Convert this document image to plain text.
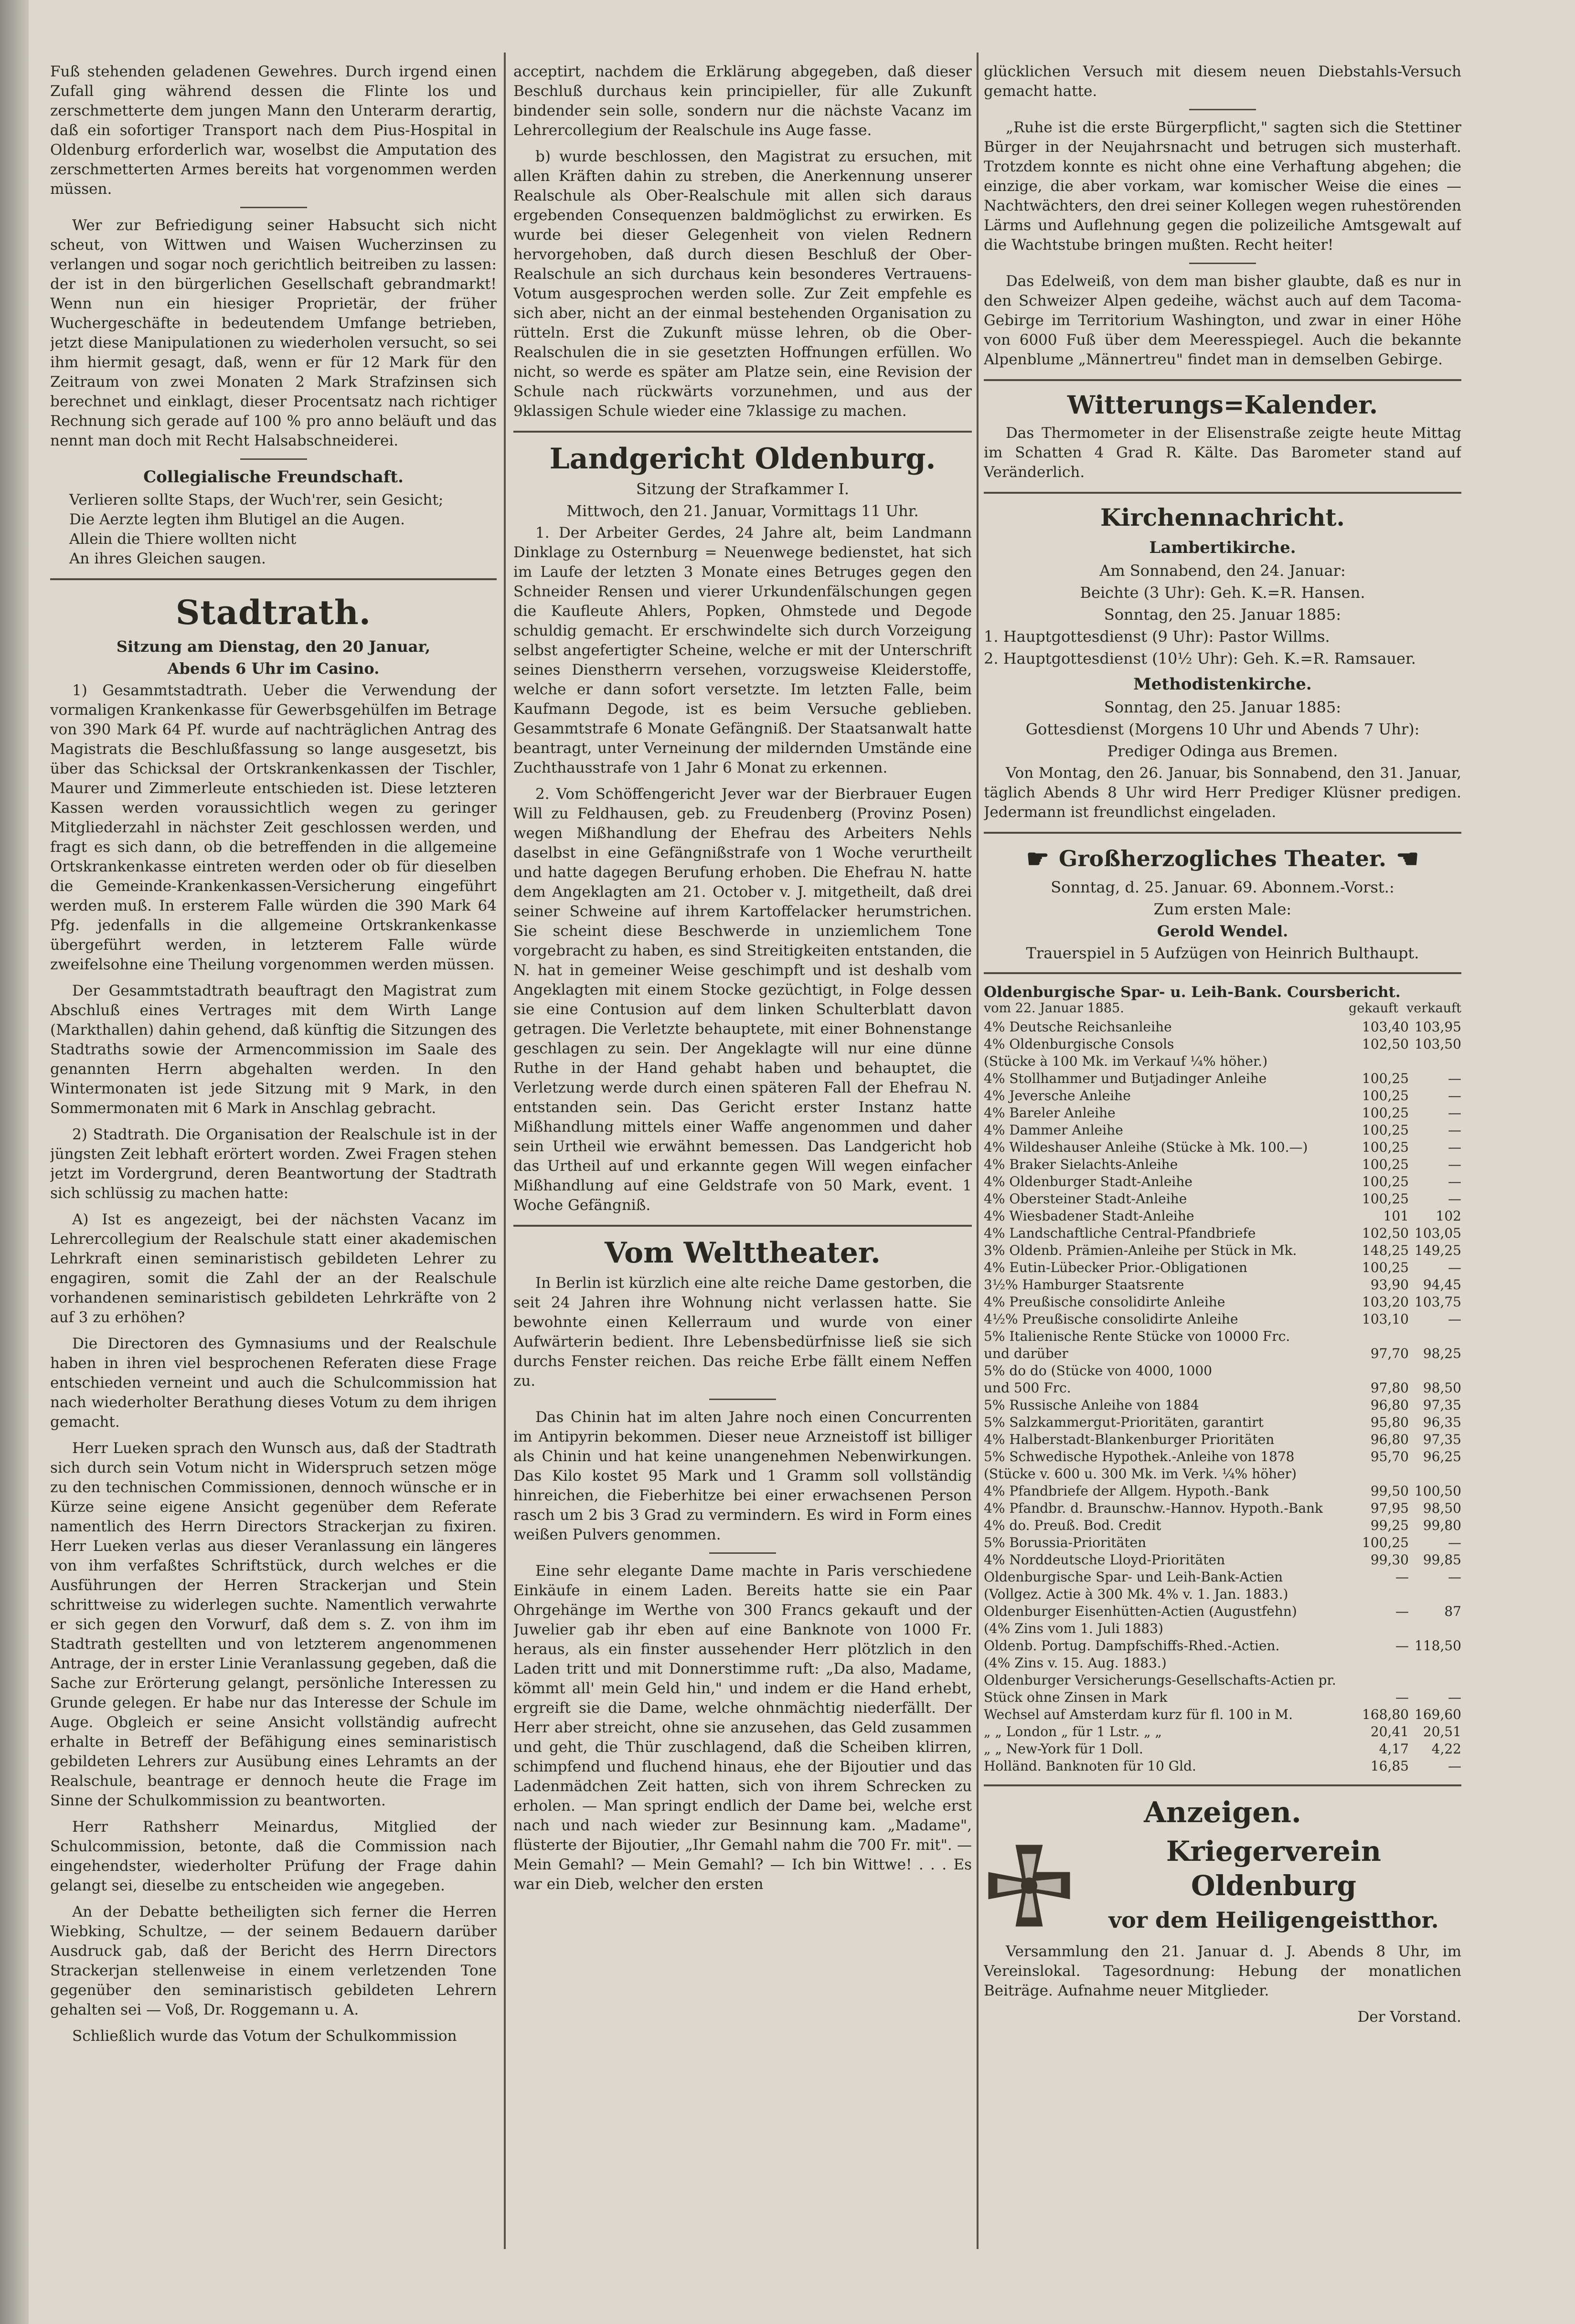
Fuß stehenden geladenen Gewehres. Durch irgend einen Zufall ging während dessen die Flinte los und zerschmetterte dem jungen Mann den Unterarm derartig, daß ein sofortiger Transport nach dem Pius-Hospital in Oldenburg erforderlich war, woselbst die Amputation des zerschmetterten Armes bereits hat vorgenommen werden müssen.

Wer zur Befriedigung seiner Habsucht sich nicht scheut, von Wittwen und Waisen Wucherzinsen zu verlangen und sogar noch gerichtlich beitreiben zu lassen: der ist in den bürgerlichen Gesellschaft gebrandmarkt! Wenn nun ein hiesiger Proprietär, der früher Wuchergeschäfte in bedeutendem Umfange betrieben, jetzt diese Manipulationen zu wiederholen versucht, so sei ihm hiermit gesagt, daß, wenn er für 12 Mark für den Zeitraum von zwei Monaten 2 Mark Strafzinsen sich berechnet und einklagt, dieser Procentsatz nach richtiger Rechnung sich gerade auf 100 % pro anno beläuft und das nennt man doch mit Recht Halsabschneiderei.

Collegialische Freundschaft.
Verlieren sollte Staps, der Wuch'rer, sein Gesicht;
Die Aerzte legten ihm Blutigel an die Augen.
Allein die Thiere wollten nicht
An ihres Gleichen saugen.
Stadtrath.
Sitzung am Dienstag, den 20 Januar,
Abends 6 Uhr im Casino.

1) Gesammtstadtrath. Ueber die Verwendung der vormaligen Krankenkasse für Gewerbsgehülfen im Betrage von 390 Mark 64 Pf. wurde auf nachträglichen Antrag des Magistrats die Beschlußfassung so lange ausgesetzt, bis über das Schicksal der Ortskrankenkassen der Tischler, Maurer und Zimmerleute entschieden ist. Diese letzteren Kassen werden voraussichtlich wegen zu geringer Mitgliederzahl in nächster Zeit geschlossen werden, und fragt es sich dann, ob die betreffenden in die allgemeine Ortskrankenkasse eintreten werden oder ob für dieselben die Gemeinde-Krankenkassen-Versicherung eingeführt werden muß. In ersterem Falle würden die 390 Mark 64 Pfg. jedenfalls in die allgemeine Ortskrankenkasse übergeführt werden, in letzterem Falle würde zweifelsohne eine Theilung vorgenommen werden müssen.

Der Gesammtstadtrath beauftragt den Magistrat zum Abschluß eines Vertrages mit dem Wirth Lange (Markthallen) dahin gehend, daß künftig die Sitzungen des Stadtraths sowie der Armencommission im Saale des genannten Herrn abgehalten werden. In den Wintermonaten ist jede Sitzung mit 9 Mark, in den Sommermonaten mit 6 Mark in Anschlag gebracht.

2) Stadtrath. Die Organisation der Realschule ist in der jüngsten Zeit lebhaft erörtert worden. Zwei Fragen stehen jetzt im Vordergrund, deren Beantwortung der Stadtrath sich schlüssig zu machen hatte:

A) Ist es angezeigt, bei der nächsten Vacanz im Lehrercollegium der Realschule statt einer akademischen Lehrkraft einen seminaristisch gebildeten Lehrer zu engagiren, somit die Zahl der an der Realschule vorhandenen seminaristisch gebildeten Lehrkräfte von 2 auf 3 zu erhöhen?

Die Directoren des Gymnasiums und der Realschule haben in ihren viel besprochenen Referaten diese Frage entschieden verneint und auch die Schulcommission hat nach wiederholter Berathung dieses Votum zu dem ihrigen gemacht.

Herr Lueken sprach den Wunsch aus, daß der Stadtrath sich durch sein Votum nicht in Widerspruch setzen möge zu den technischen Commissionen, dennoch wünsche er in Kürze seine eigene Ansicht gegenüber dem Referate namentlich des Herrn Directors Strackerjan zu fixiren. Herr Lueken verlas aus dieser Veranlassung ein längeres von ihm verfaßtes Schriftstück, durch welches er die Ausführungen der Herren Strackerjan und Stein schrittweise zu widerlegen suchte. Namentlich verwahrte er sich gegen den Vorwurf, daß dem s. Z. von ihm im Stadtrath gestellten und von letzterem angenommenen Antrage, der in erster Linie Veranlassung gegeben, daß die Sache zur Erörterung gelangt, persönliche Interessen zu Grunde gelegen. Er habe nur das Interesse der Schule im Auge. Obgleich er seine Ansicht vollständig aufrecht erhalte in Betreff der Befähigung eines seminaristisch gebildeten Lehrers zur Ausübung eines Lehramts an der Realschule, beantrage er dennoch heute die Frage im Sinne der Schulkommission zu beantworten.

Herr Rathsherr Meinardus, Mitglied der Schulcommission, betonte, daß die Commission nach eingehendster, wiederholter Prüfung der Frage dahin gelangt sei, dieselbe zu entscheiden wie angegeben.

An der Debatte betheiligten sich ferner die Herren Wiebking, Schultze, — der seinem Bedauern darüber Ausdruck gab, daß der Bericht des Herrn Directors Strackerjan stellenweise in einem verletzenden Tone gegenüber den seminaristisch gebildeten Lehrern gehalten sei — Voß, Dr. Roggemann u. A.

Schließlich wurde das Votum der Schulkommission

acceptirt, nachdem die Erklärung abgegeben, daß dieser Beschluß durchaus kein principieller, für alle Zukunft bindender sein solle, sondern nur die nächste Vacanz im Lehrercollegium der Realschule ins Auge fasse.

b) wurde beschlossen, den Magistrat zu ersuchen, mit allen Kräften dahin zu streben, die Anerkennung unserer Realschule als Ober-Realschule mit allen sich daraus ergebenden Consequenzen baldmöglichst zu erwirken. Es wurde bei dieser Gelegenheit von vielen Rednern hervorgehoben, daß durch diesen Beschluß der Ober-Realschule an sich durchaus kein besonderes Vertrauens-Votum ausgesprochen werden solle. Zur Zeit empfehle es sich aber, nicht an der einmal bestehenden Organisation zu rütteln. Erst die Zukunft müsse lehren, ob die Ober-Realschulen die in sie gesetzten Hoffnungen erfüllen. Wo nicht, so werde es später am Platze sein, eine Revision der Schule nach rückwärts vorzunehmen, und aus der 9klassigen Schule wieder eine 7klassige zu machen.

Landgericht Oldenburg.
Sitzung der Strafkammer I.
Mittwoch, den 21. Januar, Vormittags 11 Uhr.

1. Der Arbeiter Gerdes, 24 Jahre alt, beim Landmann Dinklage zu Osternburg = Neuenwege bedienstet, hat sich im Laufe der letzten 3 Monate eines Betruges gegen den Schneider Rensen und vierer Urkundenfälschungen gegen die Kaufleute Ahlers, Popken, Ohmstede und Degode schuldig gemacht. Er erschwindelte sich durch Vorzeigung selbst angefertigter Scheine, welche er mit der Unterschrift seines Dienstherrn versehen, vorzugsweise Kleiderstoffe, welche er dann sofort versetzte. Im letzten Falle, beim Kaufmann Degode, ist es beim Versuche geblieben. Gesammtstrafe 6 Monate Gefängniß. Der Staatsanwalt hatte beantragt, unter Verneinung der mildernden Umstände eine Zuchthausstrafe von 1 Jahr 6 Monat zu erkennen.

2. Vom Schöffengericht Jever war der Bierbrauer Eugen Will zu Feldhausen, geb. zu Freudenberg (Provinz Posen) wegen Mißhandlung der Ehefrau des Arbeiters Nehls daselbst in eine Gefängnißstrafe von 1 Woche verurtheilt und hatte dagegen Berufung erhoben. Die Ehefrau N. hatte dem Angeklagten am 21. October v. J. mitgetheilt, daß drei seiner Schweine auf ihrem Kartoffelacker herumstrichen. Sie scheint diese Beschwerde in unziemlichem Tone vorgebracht zu haben, es sind Streitigkeiten entstanden, die N. hat in gemeiner Weise geschimpft und ist deshalb vom Angeklagten mit einem Stocke gezüchtigt, in Folge dessen sie eine Contusion auf dem linken Schulterblatt davon getragen. Die Verletzte behauptete, mit einer Bohnenstange geschlagen zu sein. Der Angeklagte will nur eine dünne Ruthe in der Hand gehabt haben und behauptet, die Verletzung werde durch einen späteren Fall der Ehefrau N. entstanden sein. Das Gericht erster Instanz hatte Mißhandlung mittels einer Waffe angenommen und daher sein Urtheil wie erwähnt bemessen. Das Landgericht hob das Urtheil auf und erkannte gegen Will wegen einfacher Mißhandlung auf eine Geldstrafe von 50 Mark, event. 1 Woche Gefängniß.

Vom Welttheater.

In Berlin ist kürzlich eine alte reiche Dame gestorben, die seit 24 Jahren ihre Wohnung nicht verlassen hatte. Sie bewohnte einen Kellerraum und wurde von einer Aufwärterin bedient. Ihre Lebensbedürfnisse ließ sie sich durchs Fenster reichen. Das reiche Erbe fällt einem Neffen zu.

Das Chinin hat im alten Jahre noch einen Concurrenten im Antipyrin bekommen. Dieser neue Arzneistoff ist billiger als Chinin und hat keine unangenehmen Nebenwirkungen. Das Kilo kostet 95 Mark und 1 Gramm soll vollständig hinreichen, die Fieberhitze bei einer erwachsenen Person rasch um 2 bis 3 Grad zu vermindern. Es wird in Form eines weißen Pulvers genommen.

Eine sehr elegante Dame machte in Paris verschiedene Einkäufe in einem Laden. Bereits hatte sie ein Paar Ohrgehänge im Werthe von 300 Francs gekauft und der Juwelier gab ihr eben auf eine Banknote von 1000 Fr. heraus, als ein finster aussehender Herr plötzlich in den Laden tritt und mit Donnerstimme ruft: „Da also, Madame, kömmt all' mein Geld hin," und indem er die Hand erhebt, ergreift sie die Dame, welche ohnmächtig niederfällt. Der Herr aber streicht, ohne sie anzusehen, das Geld zusammen und geht, die Thür zuschlagend, daß die Scheiben klirren, schimpfend und fluchend hinaus, ehe der Bijoutier und das Ladenmädchen Zeit hatten, sich von ihrem Schrecken zu erholen. — Man springt endlich der Dame bei, welche erst nach und nach wieder zur Besinnung kam. „Madame", flüsterte der Bijoutier, „Ihr Gemahl nahm die 700 Fr. mit". — Mein Gemahl? — Mein Gemahl? — Ich bin Wittwe! . . . Es war ein Dieb, welcher den ersten

glücklichen Versuch mit diesem neuen Diebstahls-Versuch gemacht hatte.

„Ruhe ist die erste Bürgerpflicht," sagten sich die Stettiner Bürger in der Neujahrsnacht und betrugen sich musterhaft. Trotzdem konnte es nicht ohne eine Verhaftung abgehen; die einzige, die aber vorkam, war komischer Weise die eines — Nachtwächters, den drei seiner Kollegen wegen ruhestörenden Lärms und Auflehnung gegen die polizeiliche Amtsgewalt auf die Wachtstube bringen mußten. Recht heiter!

Das Edelweiß, von dem man bisher glaubte, daß es nur in den Schweizer Alpen gedeihe, wächst auch auf dem Tacoma-Gebirge im Territorium Washington, und zwar in einer Höhe von 6000 Fuß über dem Meeresspiegel. Auch die bekannte Alpenblume „Männertreu" findet man in demselben Gebirge.

Witterungs=Kalender.

Das Thermometer in der Elisenstraße zeigte heute Mittag im Schatten 4 Grad R. Kälte. Das Barometer stand auf Veränderlich.

Kirchennachricht.
Lambertikirche.
Am Sonnabend, den 24. Januar:
Beichte (3 Uhr): Geh. K.=R. Hansen.
Sonntag, den 25. Januar 1885:
1. Hauptgottesdienst (9 Uhr): Pastor Willms.
2. Hauptgottesdienst (10½ Uhr): Geh. K.=R. Ramsauer.
Methodistenkirche.
Sonntag, den 25. Januar 1885:
Gottesdienst (Morgens 10 Uhr und Abends 7 Uhr):
Prediger Odinga aus Bremen.

Von Montag, den 26. Januar, bis Sonnabend, den 31. Januar, täglich Abends 8 Uhr wird Herr Prediger Klüsner predigen. Jedermann ist freundlichst eingeladen.

☛ Großherzogliches Theater. ☚
Sonntag, d. 25. Januar. 69. Abonnem.-Vorst.:
Zum ersten Male:
Gerold Wendel.
Trauerspiel in 5 Aufzügen von Heinrich Bulthaupt.
Oldenburgische Spar- u. Leih-Bank. Coursbericht.
vom 22. Januar 1885.	gekauft verkauft
4% Deutsche Reichsanleihe	103,40	103,95
4% Oldenburgische Consols	102,50	103,50
(Stücke à 100 Mk. im Verkauf ¼% höher.)		
4% Stollhammer und Butjadinger Anleihe	100,25	—
4% Jeversche Anleihe	100,25	—
4% Bareler Anleihe	100,25	—
4% Dammer Anleihe	100,25	—
4% Wildeshauser Anleihe (Stücke à Mk. 100.—)	100,25	—
4% Braker Sielachts-Anleihe	100,25	—
4% Oldenburger Stadt-Anleihe	100,25	—
4% Obersteiner Stadt-Anleihe	100,25	—
4% Wiesbadener Stadt-Anleihe	101	102
4% Landschaftliche Central-Pfandbriefe	102,50	103,05
3% Oldenb. Prämien-Anleihe per Stück in Mk.	148,25	149,25
4% Eutin-Lübecker Prior.-Obligationen	100,25	—
3½% Hamburger Staatsrente	93,90	94,45
4% Preußische consolidirte Anleihe	103,20	103,75
4½% Preußische consolidirte Anleihe	103,10	—
5% Italienische Rente Stücke von 10000 Frc.		
und darüber	97,70	98,25
5% do do (Stücke von 4000, 1000		
und 500 Frc.	97,80	98,50
5% Russische Anleihe von 1884	96,80	97,35
5% Salzkammergut-Prioritäten, garantirt	95,80	96,35
4% Halberstadt-Blankenburger Prioritäten	96,80	97,35
5% Schwedische Hypothek.-Anleihe von 1878	95,70	96,25
(Stücke v. 600 u. 300 Mk. im Verk. ¼% höher)		
4% Pfandbriefe der Allgem. Hypoth.-Bank	99,50	100,50
4% Pfandbr. d. Braunschw.-Hannov. Hypoth.-Bank	97,95	98,50
4% do. Preuß. Bod. Credit	99,25	99,80
5% Borussia-Prioritäten	100,25	—
4% Norddeutsche Lloyd-Prioritäten	99,30	99,85
Oldenburgische Spar- und Leih-Bank-Actien	—	—
(Vollgez. Actie à 300 Mk. 4% v. 1. Jan. 1883.)		
Oldenburger Eisenhütten-Actien (Augustfehn)	—	87
(4% Zins vom 1. Juli 1883)		
Oldenb. Portug. Dampfschiffs-Rhed.-Actien.	—	118,50
(4% Zins v. 15. Aug. 1883.)		
Oldenburger Versicherungs-Gesellschafts-Actien pr.		
Stück ohne Zinsen in Mark	—	—
Wechsel auf Amsterdam kurz für fl. 100 in M.	168,80	169,60
„ „ London „ für 1 Lstr. „ „	20,41	20,51
„ „ New-York für 1 Doll.	4,17	4,22
Holländ. Banknoten für 10 Gld.	16,85	—
Anzeigen.
Kriegerverein Oldenburg
vor dem Heiligengeistthor.

Versammlung den 21. Januar d. J. Abends 8 Uhr, im Vereinslokal. Tagesordnung: Hebung der monatlichen Beiträge. Aufnahme neuer Mitglieder.

Der Vorstand.
